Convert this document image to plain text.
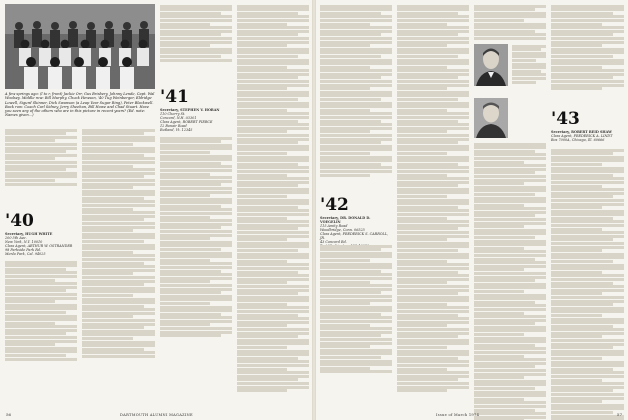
A few springs ago: (l to r, front) Jackie Orr, Gus Brisbery, Johnny Lende, Capt. Wal Woolsey. Middle row: Bill Murphy, Chuck Hewson, '40 Tug Weinberger, Eldridge Lowell, Sigurd Skinner, Dick Swanson (a Leap Year Sugar Ring), Peter Blackwell. Back row: Coach Carl Sidney, Jerry Sheehan, Bill Howe and Chad Stuart. Have you seen any of the others who are in this picture in recent years? (Ed. note: Names given...)
'40
Secretary, HUGH WHITE
200 5th Ave.
New York, N.Y. 10010
Class Agent, ARTHUR W. OSTRANDER
98 Parkside Park Rd.
Menlo Park, Cal. 94025
'41
Secretary, STEPHEN V. HORAN
110 Cherry St.
Concord, N.H. 03301
Class Agent, ROBERT PIERCE
12 Bonair Road
Rutland, Vt. 12345
56	DARTMOUTH ALUMNI MAGAZINE
'42
Secretary, DR. DONALD D. VOEGELIN
115 Amity Road
Woodbridge, Conn. 06525
Class Agent, FREDERICK S. CARROLL, JR.
43 Concord Rd.
'43
Secretary, ROBERT REID SHAW
Class Agent, FREDERICK A. LINDT
Box 7000A, Chicago, Ill. 60666
Issue of March 1974	57
